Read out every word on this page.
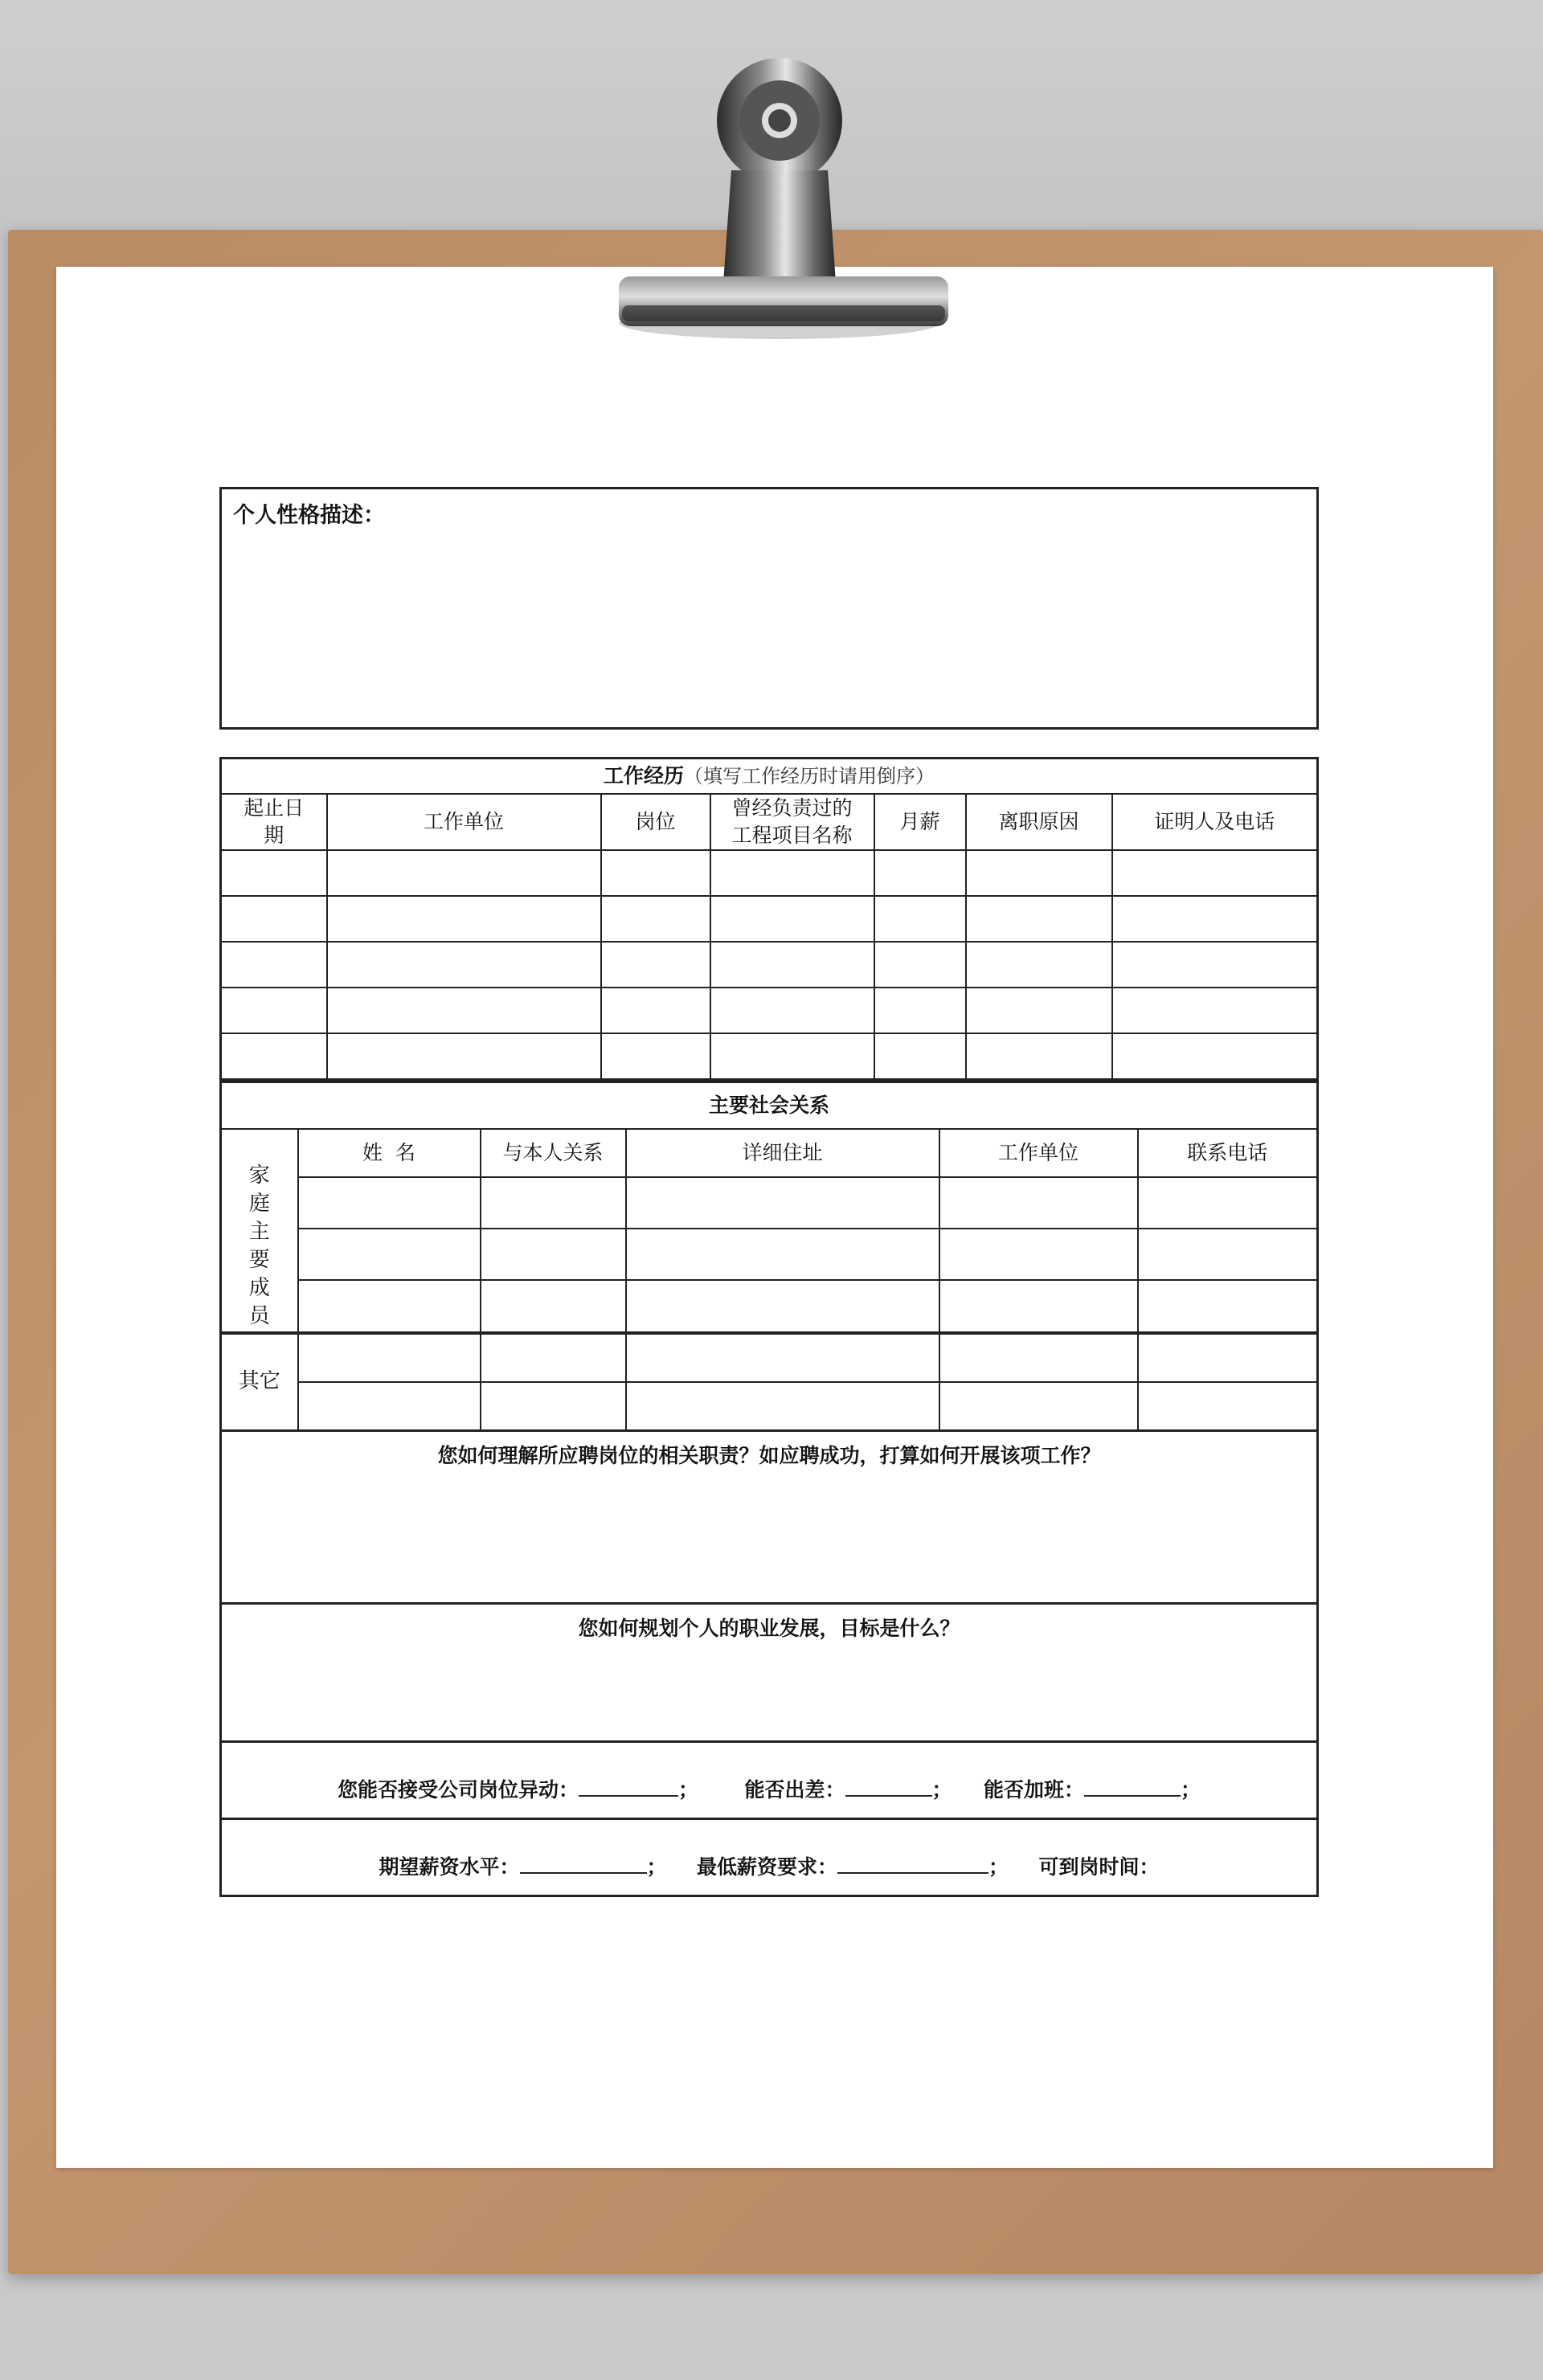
个人性格描述：
工作经历（填写工作经历时请用倒序）						
起止日期	工作单位	岗位	曾经负责过的工程项目名称	月薪	离职原因	证明人及电话

主要社会关系					
家庭主要成员	姓  名	与本人关系	详细住址	工作单位	联系电话

其它					

您如何理解所应聘岗位的相关职责？如应聘成功，打算如何开展该项工作？
您如何规划个人的职业发展，目标是什么？
您能否接受公司岗位异动：	；  能否出差：	；  能否加班：	；
期望薪资水平：	；  最低薪资要求：	；  可到岗时间：
